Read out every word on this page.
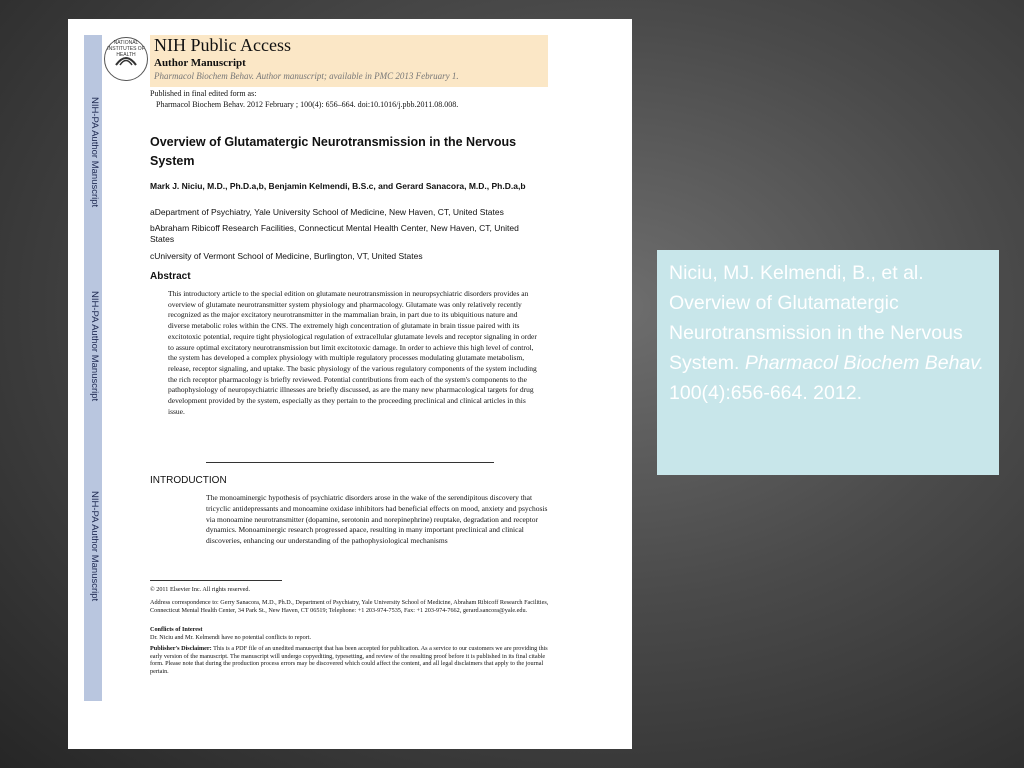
NIH-PA Author Manuscript
NIH-PA Author Manuscript
NIH-PA Author Manuscript
NATIONAL INSTITUTES OF HEALTH	NIH Public Access
Author Manuscript
Pharmacol Biochem Behav. Author manuscript; available in PMC 2013 February 1.
Published in final edited form as:
Pharmacol Biochem Behav. 2012 February ; 100(4): 656–664. doi:10.1016/j.pbb.2011.08.008.
Overview of Glutamatergic Neurotransmission in the Nervous System
Mark J. Niciu, M.D., Ph.D.a,b, Benjamin Kelmendi, B.S.c, and Gerard Sanacora, M.D., Ph.D.a,b
aDepartment of Psychiatry, Yale University School of Medicine, New Haven, CT, United States
bAbraham Ribicoff Research Facilities, Connecticut Mental Health Center, New Haven, CT, United States
cUniversity of Vermont School of Medicine, Burlington, VT, United States
Abstract
This introductory article to the special edition on glutamate neurotransmission in neuropsychiatric disorders provides an overview of glutamate neurotransmitter system physiology and pharmacology. Glutamate was only relatively recently recognized as the major excitatory neurotransmitter in the mammalian brain, in part due to its ubiquitious nature and diverse metabolic roles within the CNS. The extremely high concentration of glutamate in brain tissue paired with its excitotoxic potential, require tight physiological regulation of extracellular glutamate levels and receptor signaling in order to assure optimal excitatory neurotransmission but limit excitotoxic damage. In order to achieve this high level of control, the system has developed a complex physiology with multiple regulatory processes modulating glutamate metabolism, release, receptor signaling, and uptake. The basic physiology of the various regulatory components of the system including the rich receptor pharmacology is briefly reviewed. Potential contributions from each of the system's components to the pathophysiology of neuropsychiatric illnesses are briefly discussed, as are the many new pharmacological targets for drug development provided by the system, especially as they pertain to the proceeding preclinical and clinical articles in this issue.
INTRODUCTION
The monoaminergic hypothesis of psychiatric disorders arose in the wake of the serendipitous discovery that tricyclic antidepressants and monoamine oxidase inhibitors had beneficial effects on mood, anxiety and psychosis via monoamine neurotransmitter (dopamine, serotonin and norepinephrine) reuptake, degradation and receptor dynamics. Monoaminergic research progressed apace, resulting in many important preclinical and clinical discoveries, enhancing our understanding of the pathophysiological mechanisms
© 2011 Elsevier Inc. All rights reserved.
Address correspondence to: Gerry Sanacora, M.D., Ph.D., Department of Psychiatry, Yale University School of Medicine, Abraham Ribicoff Research Facilities, Connecticut Mental Health Center, 34 Park St., New Haven, CT 06519; Telephone: +1 203-974-7535, Fax: +1 203-974-7662, gerard.sancora@yale.edu.
Conflicts of Interest
Dr. Niciu and Mr. Kelmendi have no potential conflicts to report.
Publisher's Disclaimer: This is a PDF file of an unedited manuscript that has been accepted for publication. As a service to our customers we are providing this early version of the manuscript. The manuscript will undergo copyediting, typesetting, and review of the resulting proof before it is published in its final citable form. Please note that during the production process errors may be discovered which could affect the content, and all legal disclaimers that apply to the journal pertain.
Niciu, MJ. Kelmendi, B., et al. Overview of Glutamatergic Neurotransmission in the Nervous System. Pharmacol Biochem Behav. 100(4):656-664. 2012.
